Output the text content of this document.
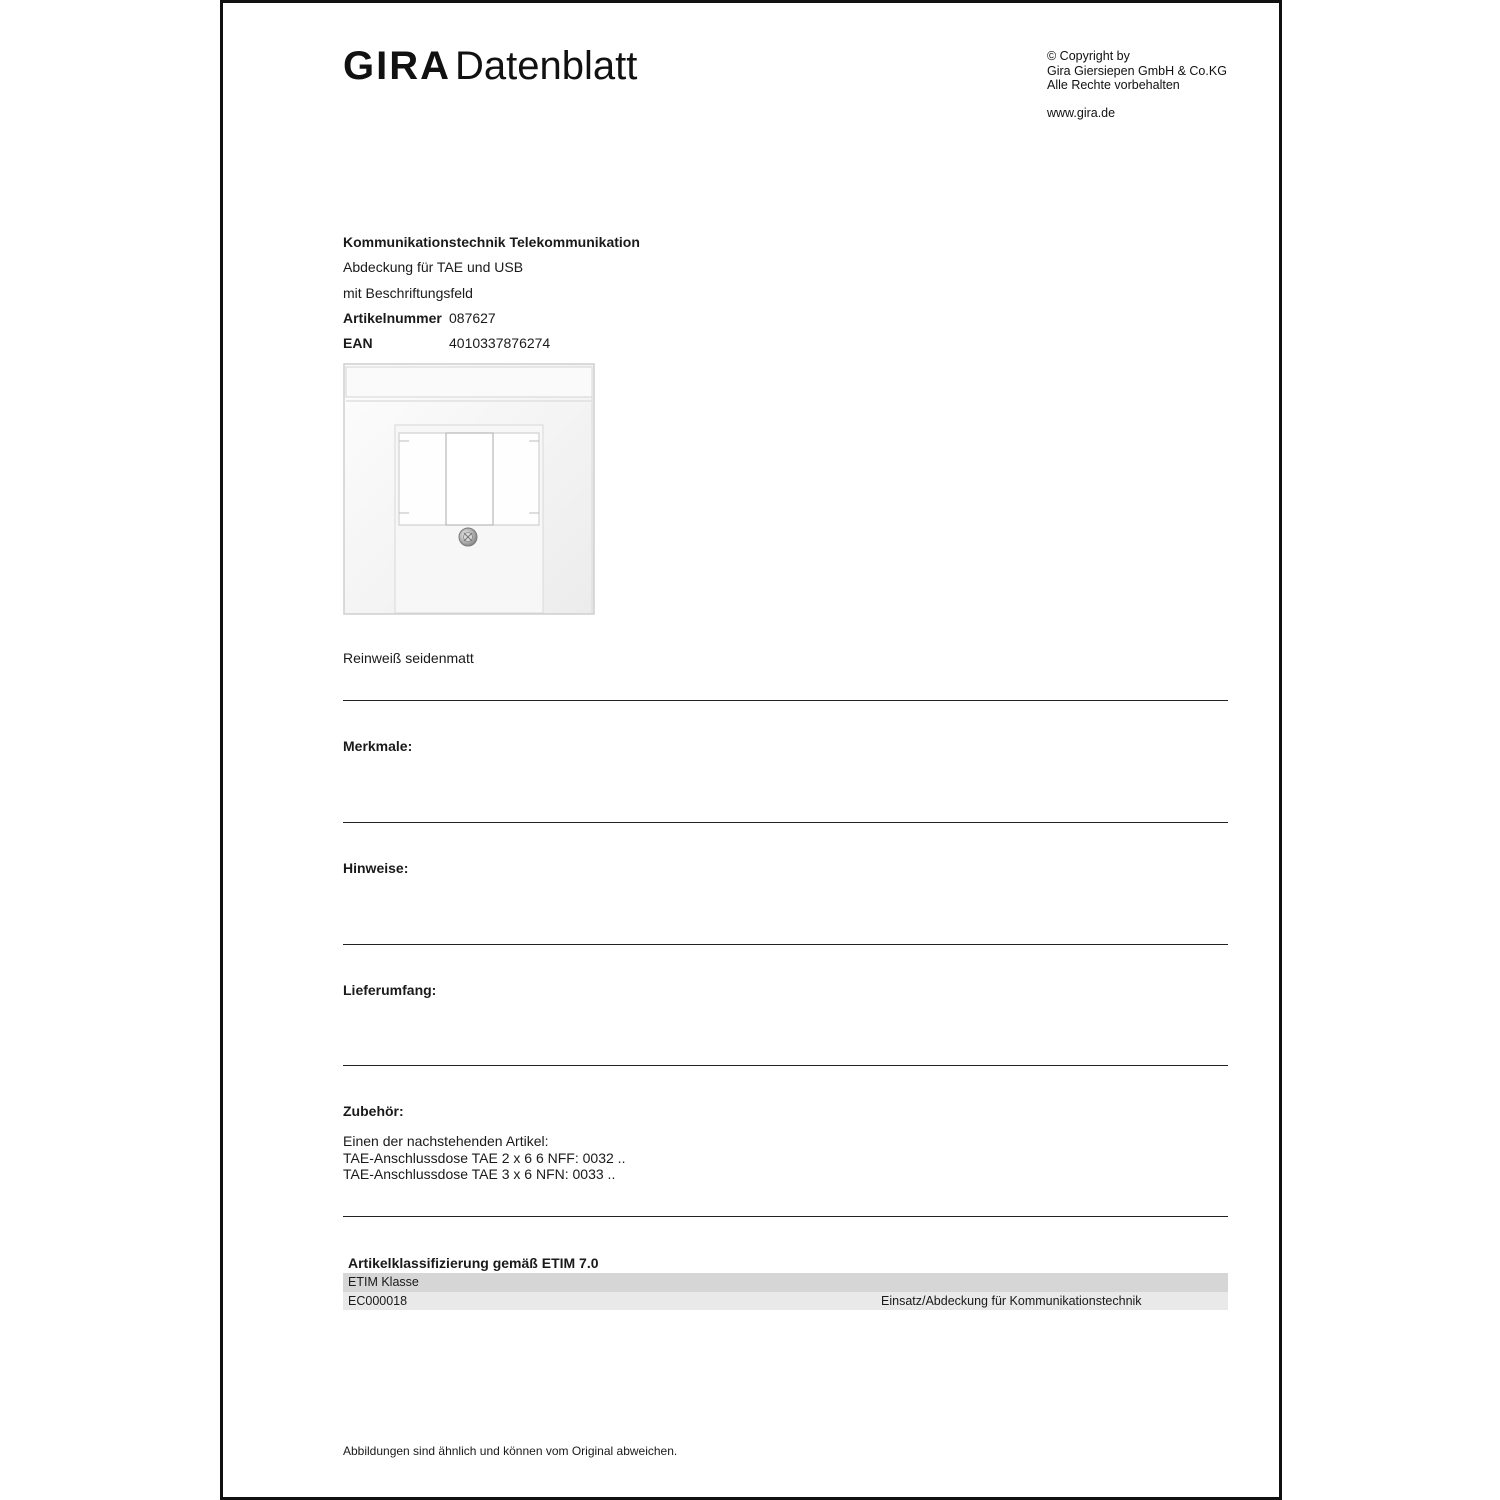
GIRA Datenblatt	© Copyright by
Gira Giersiepen GmbH & Co.KG
Alle Rechte vorbehalten
www.gira.de
Kommunikationstechnik Telekommunikation
Abdeckung für TAE und USB
mit Beschriftungsfeld
Artikelnummer 087627
EAN	4010337876274
Reinweiß seidenmatt
Merkmale:
Hinweise:
Lieferumfang:
Zubehör:
Einen der nachstehenden Artikel:
TAE-Anschlussdose TAE 2 x 6 6 NFF: 0032 ..
TAE-Anschlussdose TAE 3 x 6 NFN: 0033 ..
Artikelklassifizierung gemäß ETIM 7.0
ETIM Klasse
EC000018	Einsatz/Abdeckung für Kommunikationstechnik
Abbildungen sind ähnlich und können vom Original abweichen.
